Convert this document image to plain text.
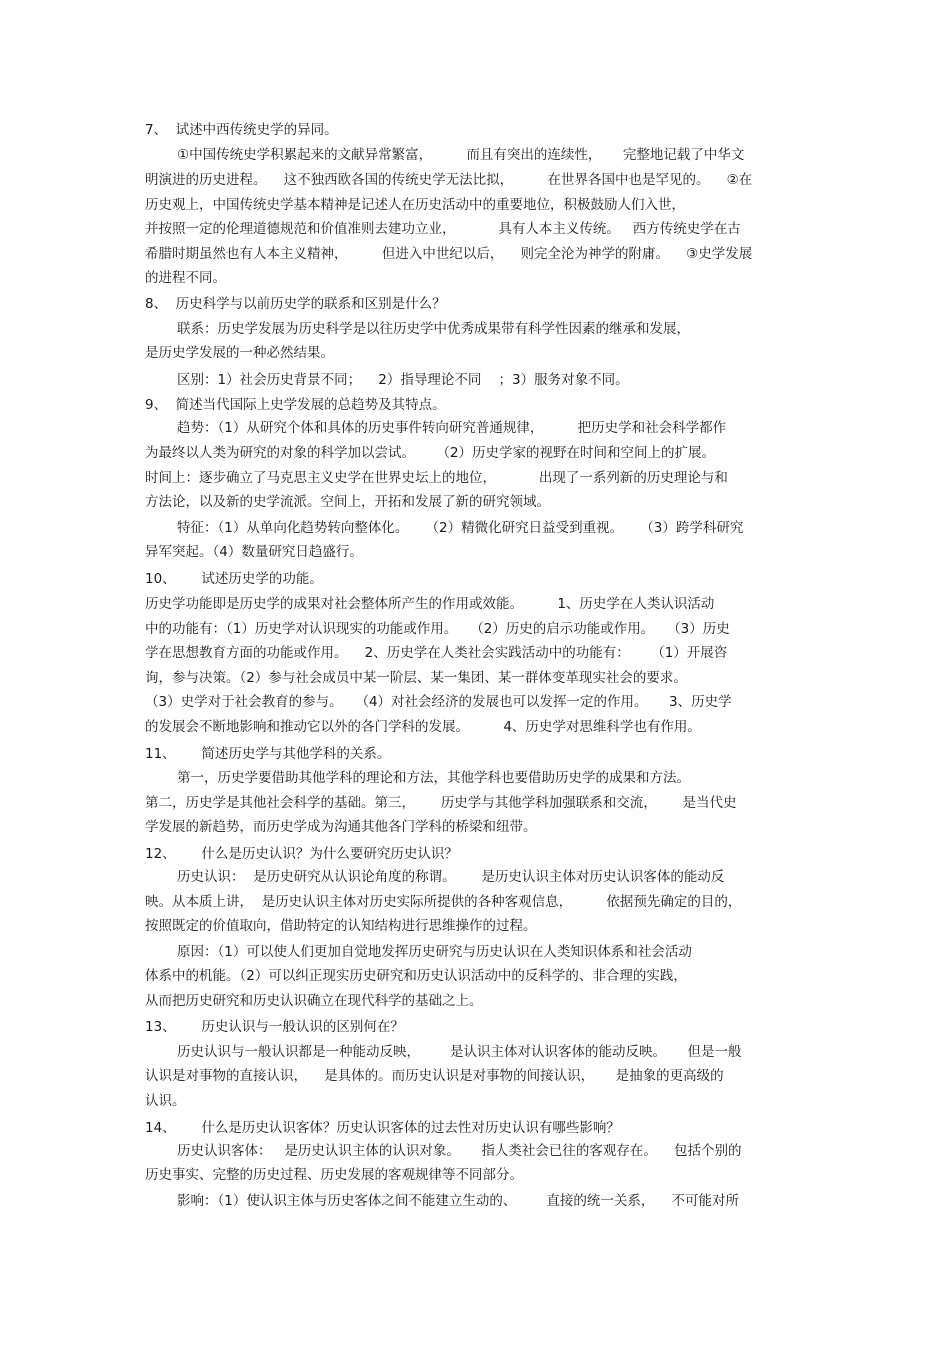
7、  试述中西传统史学的异同。
①中国传统史学积累起来的文献异常繁富，        而且有突出的连续性，     完整地记载了中华文
明演进的历史进程。    这不独西欧各国的传统史学无法比拟，        在世界各国中也是罕见的。    ②在
历史观上，中国传统史学基本精神是记述人在历史活动中的重要地位，积极鼓励人们入世，
并按照一定的伦理道德规范和价值准则去建功立业，          具有人本主义传统。   西方传统史学在古
希腊时期虽然也有人本主义精神，        但进入中世纪以后，    则完全沦为神学的附庸。    ③史学发展
的进程不同。
8、  历史科学与以前历史学的联系和区别是什么？
联系：历史学发展为历史科学是以往历史学中优秀成果带有科学性因素的继承和发展，
是历史学发展的一种必然结果。
区别：1）社会历史背景不同；    2）指导理论不同    ；3）服务对象不同。
9、  简述当代国际上史学发展的总趋势及其特点。
趋势：（1）从研究个体和具体的历史事件转向研究普通规律，        把历史学和社会科学都作
为最终以人类为研究的对象的科学加以尝试。     （2）历史学家的视野在时间和空间上的扩展。
时间上：逐步确立了马克思主义史学在世界史坛上的地位，          出现了一系列新的历史理论与和
方法论，以及新的史学流派。空间上，开拓和发展了新的研究领域。
特征：（1）从单向化趋势转向整体化。    （2）精微化研究日益受到重视。    （3）跨学科研究
异军突起。（4）数量研究日趋盛行。
10、      试述历史学的功能。
历史学功能即是历史学的成果对社会整体所产生的作用或效能。        1、历史学在人类认识活动
中的功能有：（1）历史学对认识现实的功能或作用。   （2）历史的启示功能或作用。   （3）历史
学在思想教育方面的功能或作用。    2、历史学在人类社会实践活动中的功能有：     （1）开展咨
询，参与决策。（2）参与社会成员中某一阶层、某一集团、某一群体变革现实社会的要求。
（3）史学对于社会教育的参与。   （4）对社会经济的发展也可以发挥一定的作用。     3、历史学
的发展会不断地影响和推动它以外的各门学科的发展。        4、历史学对思维科学也有作用。
11、      简述历史学与其他学科的关系。
第一，历史学要借助其他学科的理论和方法，其他学科也要借助历史学的成果和方法。
第二，历史学是其他社会科学的基础。第三，      历史学与其他学科加强联系和交流，      是当代史
学发展的新趋势，而历史学成为沟通其他各门学科的桥梁和纽带。
12、      什么是历史认识？为什么要研究历史认识？
历史认识：  是历史研究从认识论角度的称谓。      是历史认识主体对历史认识客体的能动反
映。从本质上讲，  是历史认识主体对历史实际所提供的各种客观信息，        依据预先确定的目的，
按照既定的价值取向，借助特定的认知结构进行思维操作的过程。
原因：（1）可以使人们更加自觉地发挥历史研究与历史认识在人类知识体系和社会活动
体系中的机能。（2）可以纠正现实历史研究和历史认识活动中的反科学的、非合理的实践，
从而把历史研究和历史认识确立在现代科学的基础之上。
13、      历史认识与一般认识的区别何在？
历史认识与一般认识都是一种能动反映，       是认识主体对认识客体的能动反映。     但是一般
认识是对事物的直接认识，    是具体的。而历史认识是对事物的间接认识，     是抽象的更高级的
认识。
14、      什么是历史认识客体？历史认识客体的过去性对历史认识有哪些影响？
历史认识客体：   是历史认识主体的认识对象。     指人类社会已往的客观存在。    包括个别的
历史事实、完整的历史过程、历史发展的客观规律等不同部分。
影响：（1）使认识主体与历史客体之间不能建立生动的、       直接的统一关系，    不可能对所
